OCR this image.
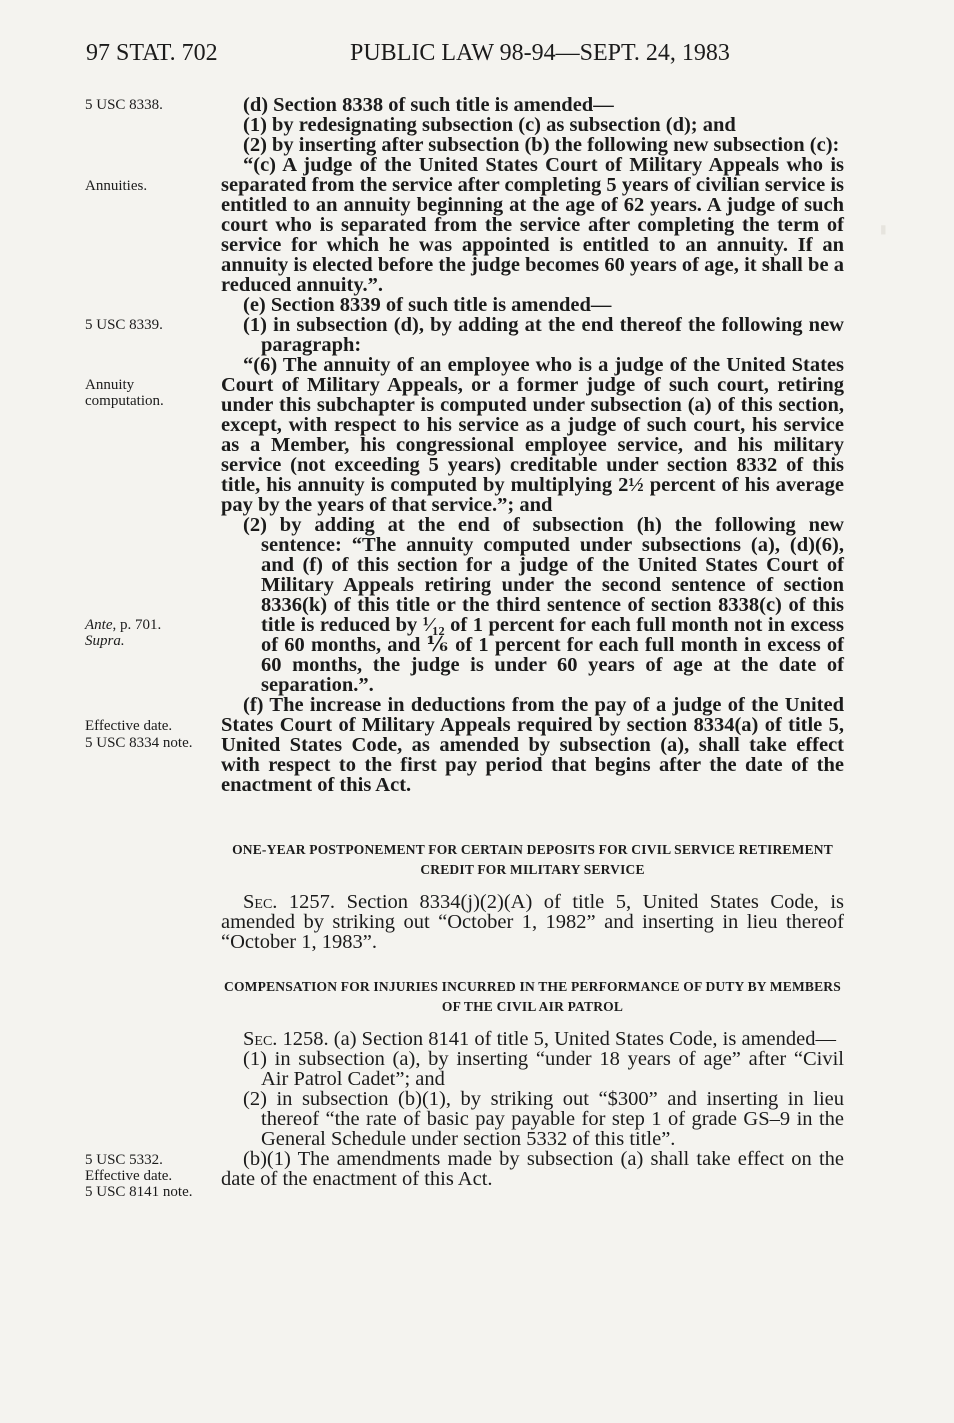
97 STAT. 702	PUBLIC LAW 98-94—SEPT. 24, 1983
5 USC 8338.
Annuities.
5 USC 8339.
Annuity computation.
Ante, p. 701.
Supra.
Effective date.
5 USC 8334 note.
5 USC 5332.
Effective date.
5 USC 8141 note.
▮

(d) Section 8338 of such title is amended—

(1) by redesignating subsection (c) as subsection (d); and

(2) by inserting after subsection (b) the following new subsection (c):

“(c) A judge of the United States Court of Military Appeals who is separated from the service after completing 5 years of civilian service is entitled to an annuity beginning at the age of 62 years. A judge of such court who is separated from the service after completing the term of service for which he was appointed is entitled to an annuity. If an annuity is elected before the judge becomes 60 years of age, it shall be a reduced annuity.”.

(e) Section 8339 of such title is amended—

(1) in subsection (d), by adding at the end thereof the following new paragraph:

“(6) The annuity of an employee who is a judge of the United States Court of Military Appeals, or a former judge of such court, retiring under this subchapter is computed under subsection (a) of this section, except, with respect to his service as a judge of such court, his service as a Member, his congressional employee service, and his military service (not exceeding 5 years) creditable under section 8332 of this title, his annuity is computed by multiplying 2½ percent of his average pay by the years of that service.”; and

(2) by adding at the end of subsection (h) the following new sentence: “The annuity computed under subsections (a), (d)(6), and (f) of this section for a judge of the United States Court of Military Appeals retiring under the second sentence of section 8336(k) of this title or the third sentence of section 8338(c) of this title is reduced by ¹⁄₁₂ of 1 percent for each full month not in excess of 60 months, and ⅙ of 1 percent for each full month in excess of 60 months, the judge is under 60 years of age at the date of separation.”.

(f) The increase in deductions from the pay of a judge of the United States Court of Military Appeals required by section 8334(a) of title 5, United States Code, as amended by subsection (a), shall take effect with respect to the first pay period that begins after the date of the enactment of this Act.

ONE-YEAR POSTPONEMENT FOR CERTAIN DEPOSITS FOR CIVIL SERVICE RETIREMENT CREDIT FOR MILITARY SERVICE

Sec. 1257. Section 8334(j)(2)(A) of title 5, United States Code, is amended by striking out “October 1, 1982” and inserting in lieu thereof “October 1, 1983”.

COMPENSATION FOR INJURIES INCURRED IN THE PERFORMANCE OF DUTY BY MEMBERS OF THE CIVIL AIR PATROL

Sec. 1258. (a) Section 8141 of title 5, United States Code, is amended—

(1) in subsection (a), by inserting “under 18 years of age” after “Civil Air Patrol Cadet”; and

(2) in subsection (b)(1), by striking out “$300” and inserting in lieu thereof “the rate of basic pay payable for step 1 of grade GS–9 in the General Schedule under section 5332 of this title”.

(b)(1) The amendments made by subsection (a) shall take effect on the date of the enactment of this Act.
